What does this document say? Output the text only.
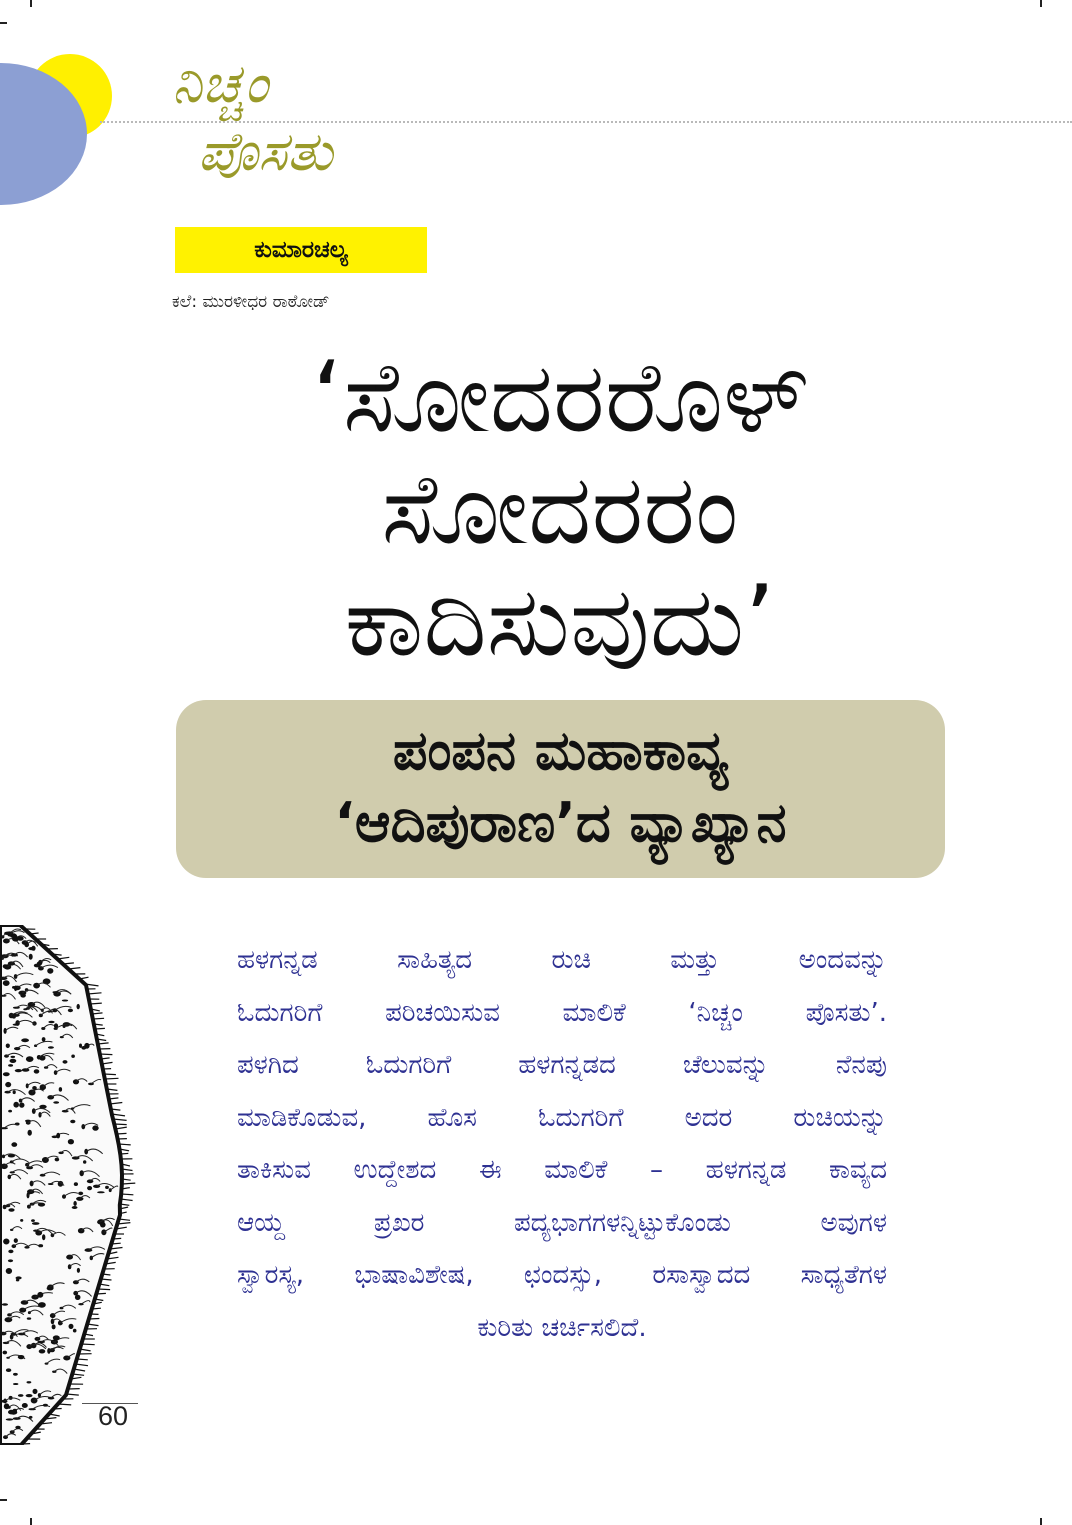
ನಿಚ್ಚಂ
ಪೊಸತು
ಕುಮಾರಚಲ್ಯ
ಕಲೆ: ಮುರಳೀಧರ ರಾಠೋಡ್
‘ಸೋದರರೊಳ್
ಸೋದರರಂ
ಕಾದಿಸುವುದು’
ಪಂಪನ ಮಹಾಕಾವ್ಯ
‘ಆದಿಪುರಾಣ’ದ ವ್ಯಾಖ್ಯಾನ
ಹಳಗನ್ನಡ ಸಾಹಿತ್ಯದ ರುಚಿ ಮತ್ತು ಅಂದವನ್ನು
ಓದುಗರಿಗೆ ಪರಿಚಯಿಸುವ ಮಾಲಿಕೆ ‘ನಿಚ್ಚಂ ಪೊಸತು’.
ಪಳಗಿದ ಓದುಗರಿಗೆ ಹಳಗನ್ನಡದ ಚೆಲುವನ್ನು ನೆನಪು
ಮಾಡಿಕೊಡುವ, ಹೊಸ ಓದುಗರಿಗೆ ಅದರ ರುಚಿಯನ್ನು
ತಾಕಿಸುವ ಉದ್ದೇಶದ ಈ ಮಾಲಿಕೆ – ಹಳಗನ್ನಡ ಕಾವ್ಯದ
ಆಯ್ದ ಪ್ರಖರ ಪದ್ಯಭಾಗಗಳನ್ನಿಟ್ಟುಕೊಂಡು ಅವುಗಳ
ಸ್ವಾರಸ್ಯ, ಭಾಷಾವಿಶೇಷ, ಛಂದಸ್ಸು, ರಸಾಸ್ವಾದದ ಸಾಧ್ಯತೆಗಳ
ಕುರಿತು ಚರ್ಚಿಸಲಿದೆ.
60
